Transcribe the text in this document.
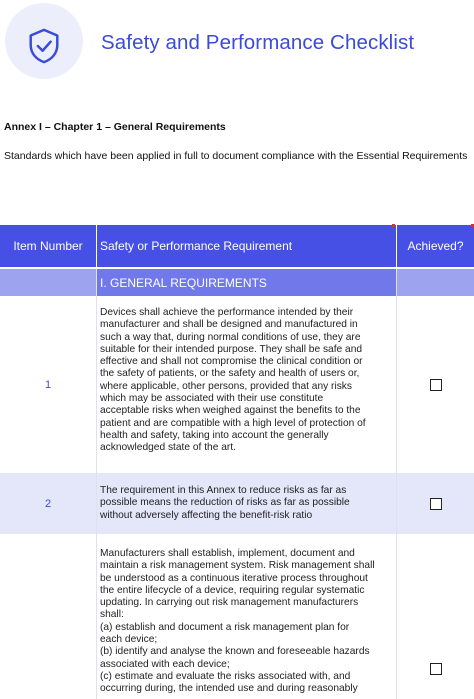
Safety and Performance Checklist
Annex I – Chapter 1 – General Requirements
Standards which have been applied in full to document compliance with the Essential Requirements
Item Number	Safety or Performance Requirement	Achieved?
I. GENERAL REQUIREMENTS
1
Devices shall achieve the performance intended by their
manufacturer and shall be designed and manufactured in
such a way that, during normal conditions of use, they are
suitable for their intended purpose. They shall be safe and
effective and shall not compromise the clinical condition or
the safety of patients, or the safety and health of users or,
where applicable, other persons, provided that any risks
which may be associated with their use constitute
acceptable risks when weighed against the benefits to the
patient and are compatible with a high level of protection of
health and safety, taking into account the generally
acknowledged state of the art.
2
The requirement in this Annex to reduce risks as far as
possible means the reduction of risks as far as possible
without adversely affecting the benefit-risk ratio
Manufacturers shall establish, implement, document and
maintain a risk management system. Risk management shall
be understood as a continuous iterative process throughout
the entire lifecycle of a device, requiring regular systematic
updating. In carrying out risk management manufacturers
shall:
(a) establish and document a risk management plan for
each device;
(b) identify and analyse the known and foreseeable hazards
associated with each device;
(c) estimate and evaluate the risks associated with, and
occurring during, the intended use and during reasonably
